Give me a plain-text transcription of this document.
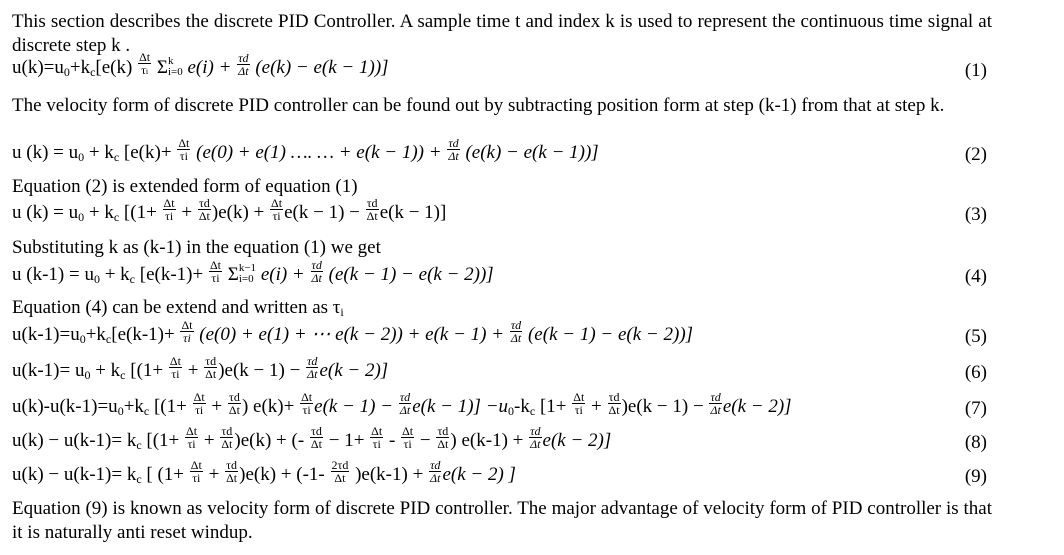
This section describes the discrete PID Controller. A sample time t and index k is used to represent the continuous time signal at discrete step k .
$u(k)=u_0+k_c[e(k) \frac{\Delta t}{\tau i}$ Σ k
i=0 $e(i) + \frac{\tau d}{\Delta t} (e(k) - e(k - 1))$]	(1)
The velocity form of discrete PID controller can be found out by subtracting position form at step (k-1) from that at step k.
u $(k) = u_0 + k_c$ [$e(k)+ \frac{\Delta t}{\tau i} (e(0) + e(1)$ …. … + $e(k - 1)) + \frac{\tau d}{\Delta t} (e(k) - e(k - 1))$]	(2)
Equation (2) is extended form of equation (1)
u $(k) = u_0 + k_c$ $[(1+ \frac{\Delta t}{\tau i} + \frac{\tau d}{\Delta t} )e(k) + \frac{\Delta t}{\tau i} e(k - 1) - \frac{\tau d}{\Delta t} e(k - 1)]$	(3)
Substituting k as (k-1) in the equation (1) we get
u $(k-1) = u_0 + k_c$ [$e(k-1)+ \frac{\Delta t}{\tau i}$ Σ k−1
i=0 $e(i) + \frac{\tau d}{\Delta t} (e(k - 1) - e(k - 2))$]	(4)
Equation (4) can be extend and written as $\tau_i$
$u(k-1)=u_0+k_c[e(k-1)+ \frac{\Delta t}{\tau i} (e(0) + e(1)$ + ⋯ $e(k - 2)) + e(k - 1) + \frac{\tau d}{\Delta t} (e(k - 1) - e(k - 2))$]	(5)
$u(k-1)= u_0 + k_c$ $[(1+ \frac{\Delta t}{\tau i} + \frac{\tau d}{\Delta t} )e(k - 1) - \frac{\tau d}{\Delta t} e(k - 2)]$	(6)
$u(k)-u(k-1)=u_0+k_c$ [($1+ \frac{\Delta t}{\tau i} + \frac{\tau d}{\Delta t}$ ) $e(k)+ \frac{\Delta t}{\tau i} e(k - 1) - \frac{\tau d}{\Delta t} e(k - 1)] -u_0-k_c$ $[1+ \frac{\Delta t}{\tau i} + \frac{\tau d}{\Delta t} )e(k - 1) - \frac{\tau d}{\Delta t} e(k - 2)$]	(7)
$u(k) - u(k-1)= k_c$ [$(1+ \frac{\Delta t}{\tau i} + \frac{\tau d}{\Delta t} )e(k)$ + (- $\frac{\tau d}{\Delta t} - 1+ \frac{\Delta t}{\tau i} - \frac{\Delta t}{\tau i} - \frac{\tau d}{\Delta t}$ ) $e(k-1) + \frac{\tau d}{\Delta t} e(k - 2)$]	(8)
$u(k) - u(k-1)= k_c$ [ $(1+ \frac{\Delta t}{\tau i} + \frac{\tau d}{\Delta t} )e(k) + (-1- \frac{2\tau d}{\Delta t} )e(k-1) + \frac{\tau d}{\Delta t} e(k - 2)$ ]	(9)
Equation (9) is known as velocity form of discrete PID controller. The major advantage of velocity form of PID controller is that it is naturally anti reset windup.
